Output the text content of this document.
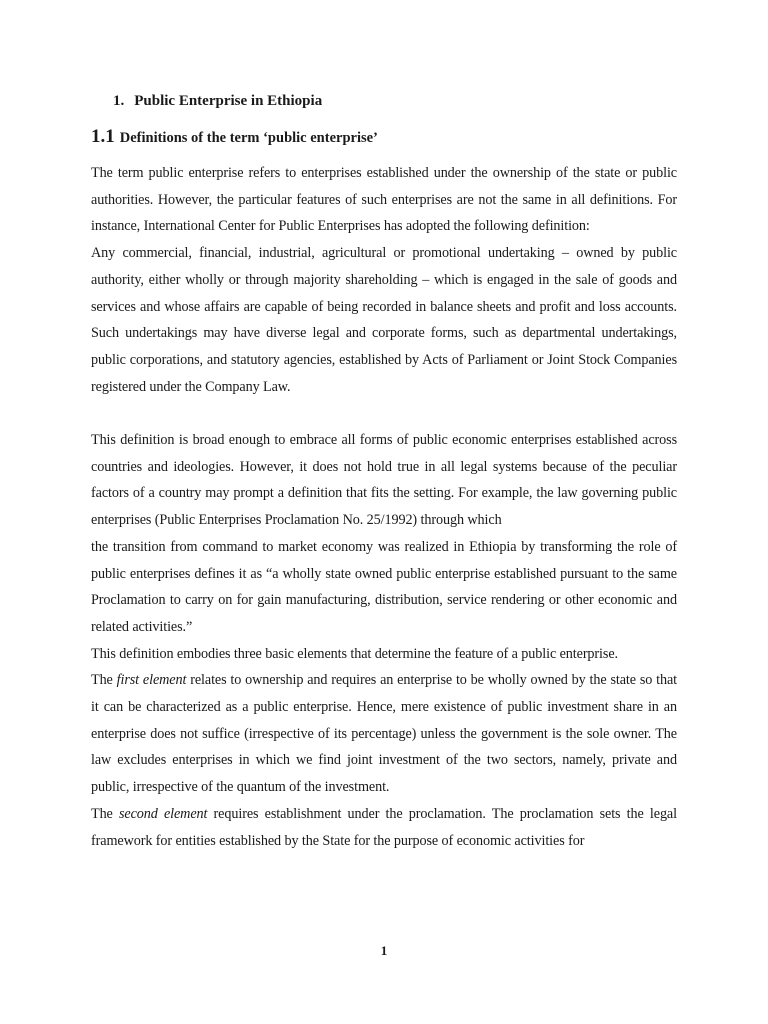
1. Public Enterprise in Ethiopia
1.1 Definitions of the term ‘public enterprise’

The term public enterprise refers to enterprises established under the ownership of the state or public authorities. However, the particular features of such enterprises are not the same in all definitions. For instance, International Center for Public Enterprises has adopted the following definition:

Any commercial, financial, industrial, agricultural or promotional undertaking – owned by public authority, either wholly or through majority shareholding – which is engaged in the sale of goods and services and whose affairs are capable of being recorded in balance sheets and profit and loss accounts. Such undertakings may have diverse legal and corporate forms, such as departmental undertakings, public corporations, and statutory agencies, established by Acts of Parliament or Joint Stock Companies registered under the Company Law.

This definition is broad enough to embrace all forms of public economic enterprises established across countries and ideologies. However, it does not hold true in all legal systems because of the peculiar factors of a country may prompt a definition that fits the setting. For example, the law governing public enterprises (Public Enterprises Proclamation No. 25/1992) through which

the transition from command to market economy was realized in Ethiopia by transforming the role of public enterprises defines it as “a wholly state owned public enterprise established pursuant to the same Proclamation to carry on for gain manufacturing, distribution, service rendering or other economic and related activities.”

This definition embodies three basic elements that determine the feature of a public enterprise.

The first element relates to ownership and requires an enterprise to be wholly owned by the state so that it can be characterized as a public enterprise. Hence, mere existence of public investment share in an enterprise does not suffice (irrespective of its percentage) unless the government is the sole owner. The law excludes enterprises in which we find joint investment of the two sectors, namely, private and public, irrespective of the quantum of the investment.

The second element requires establishment under the proclamation. The proclamation sets the legal framework for entities established by the State for the purpose of economic activities for

1
